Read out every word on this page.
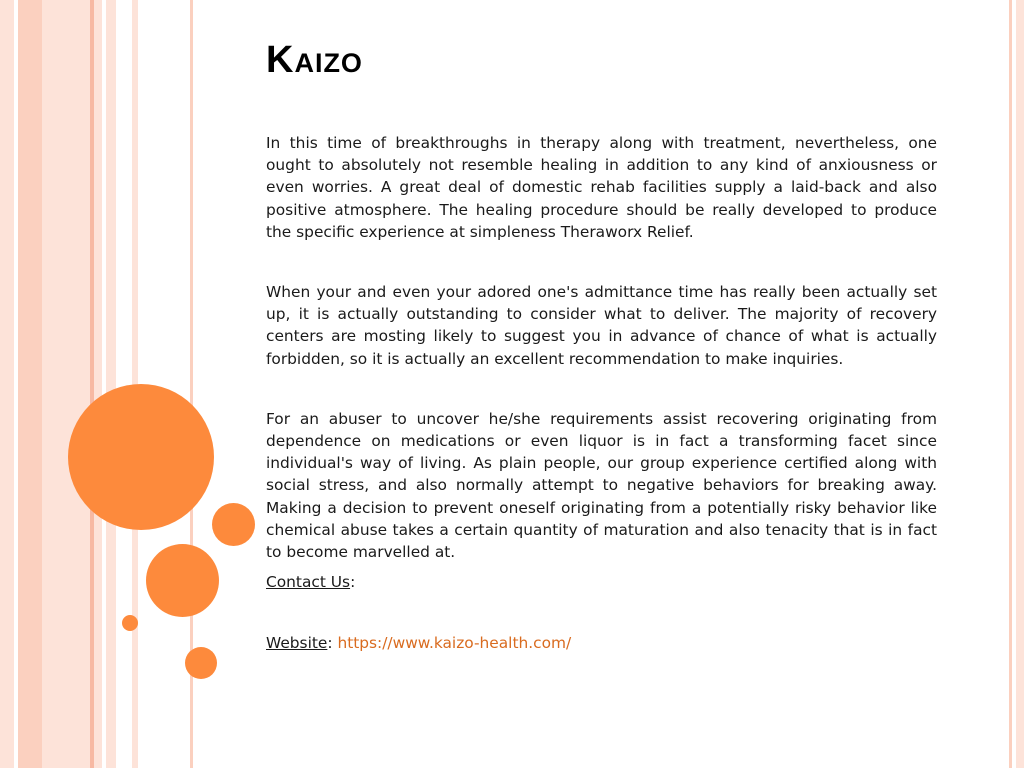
Kaizo

In this time of breakthroughs in therapy along with treatment, nevertheless, one ought to absolutely not resemble healing in addition to any kind of anxiousness or even worries. A great deal of domestic rehab facilities supply a laid-back and also positive atmosphere. The healing procedure should be really developed to produce the specific experience at simpleness Theraworx Relief.

When your and even your adored one's admittance time has really been actually set up, it is actually outstanding to consider what to deliver. The majority of recovery centers are mosting likely to suggest you in advance of chance of what is actually forbidden, so it is actually an excellent recommendation to make inquiries.

For an abuser to uncover he/she requirements assist recovering originating from dependence on medications or even liquor is in fact a transforming facet since individual's way of living. As plain people, our group experience certified along with social stress, and also normally attempt to negative behaviors for breaking away. Making a decision to prevent oneself originating from a potentially risky behavior like chemical abuse takes a certain quantity of maturation and also tenacity that is in fact to become marvelled at.

Contact Us:

Website: https://www.kaizo-health.com/
